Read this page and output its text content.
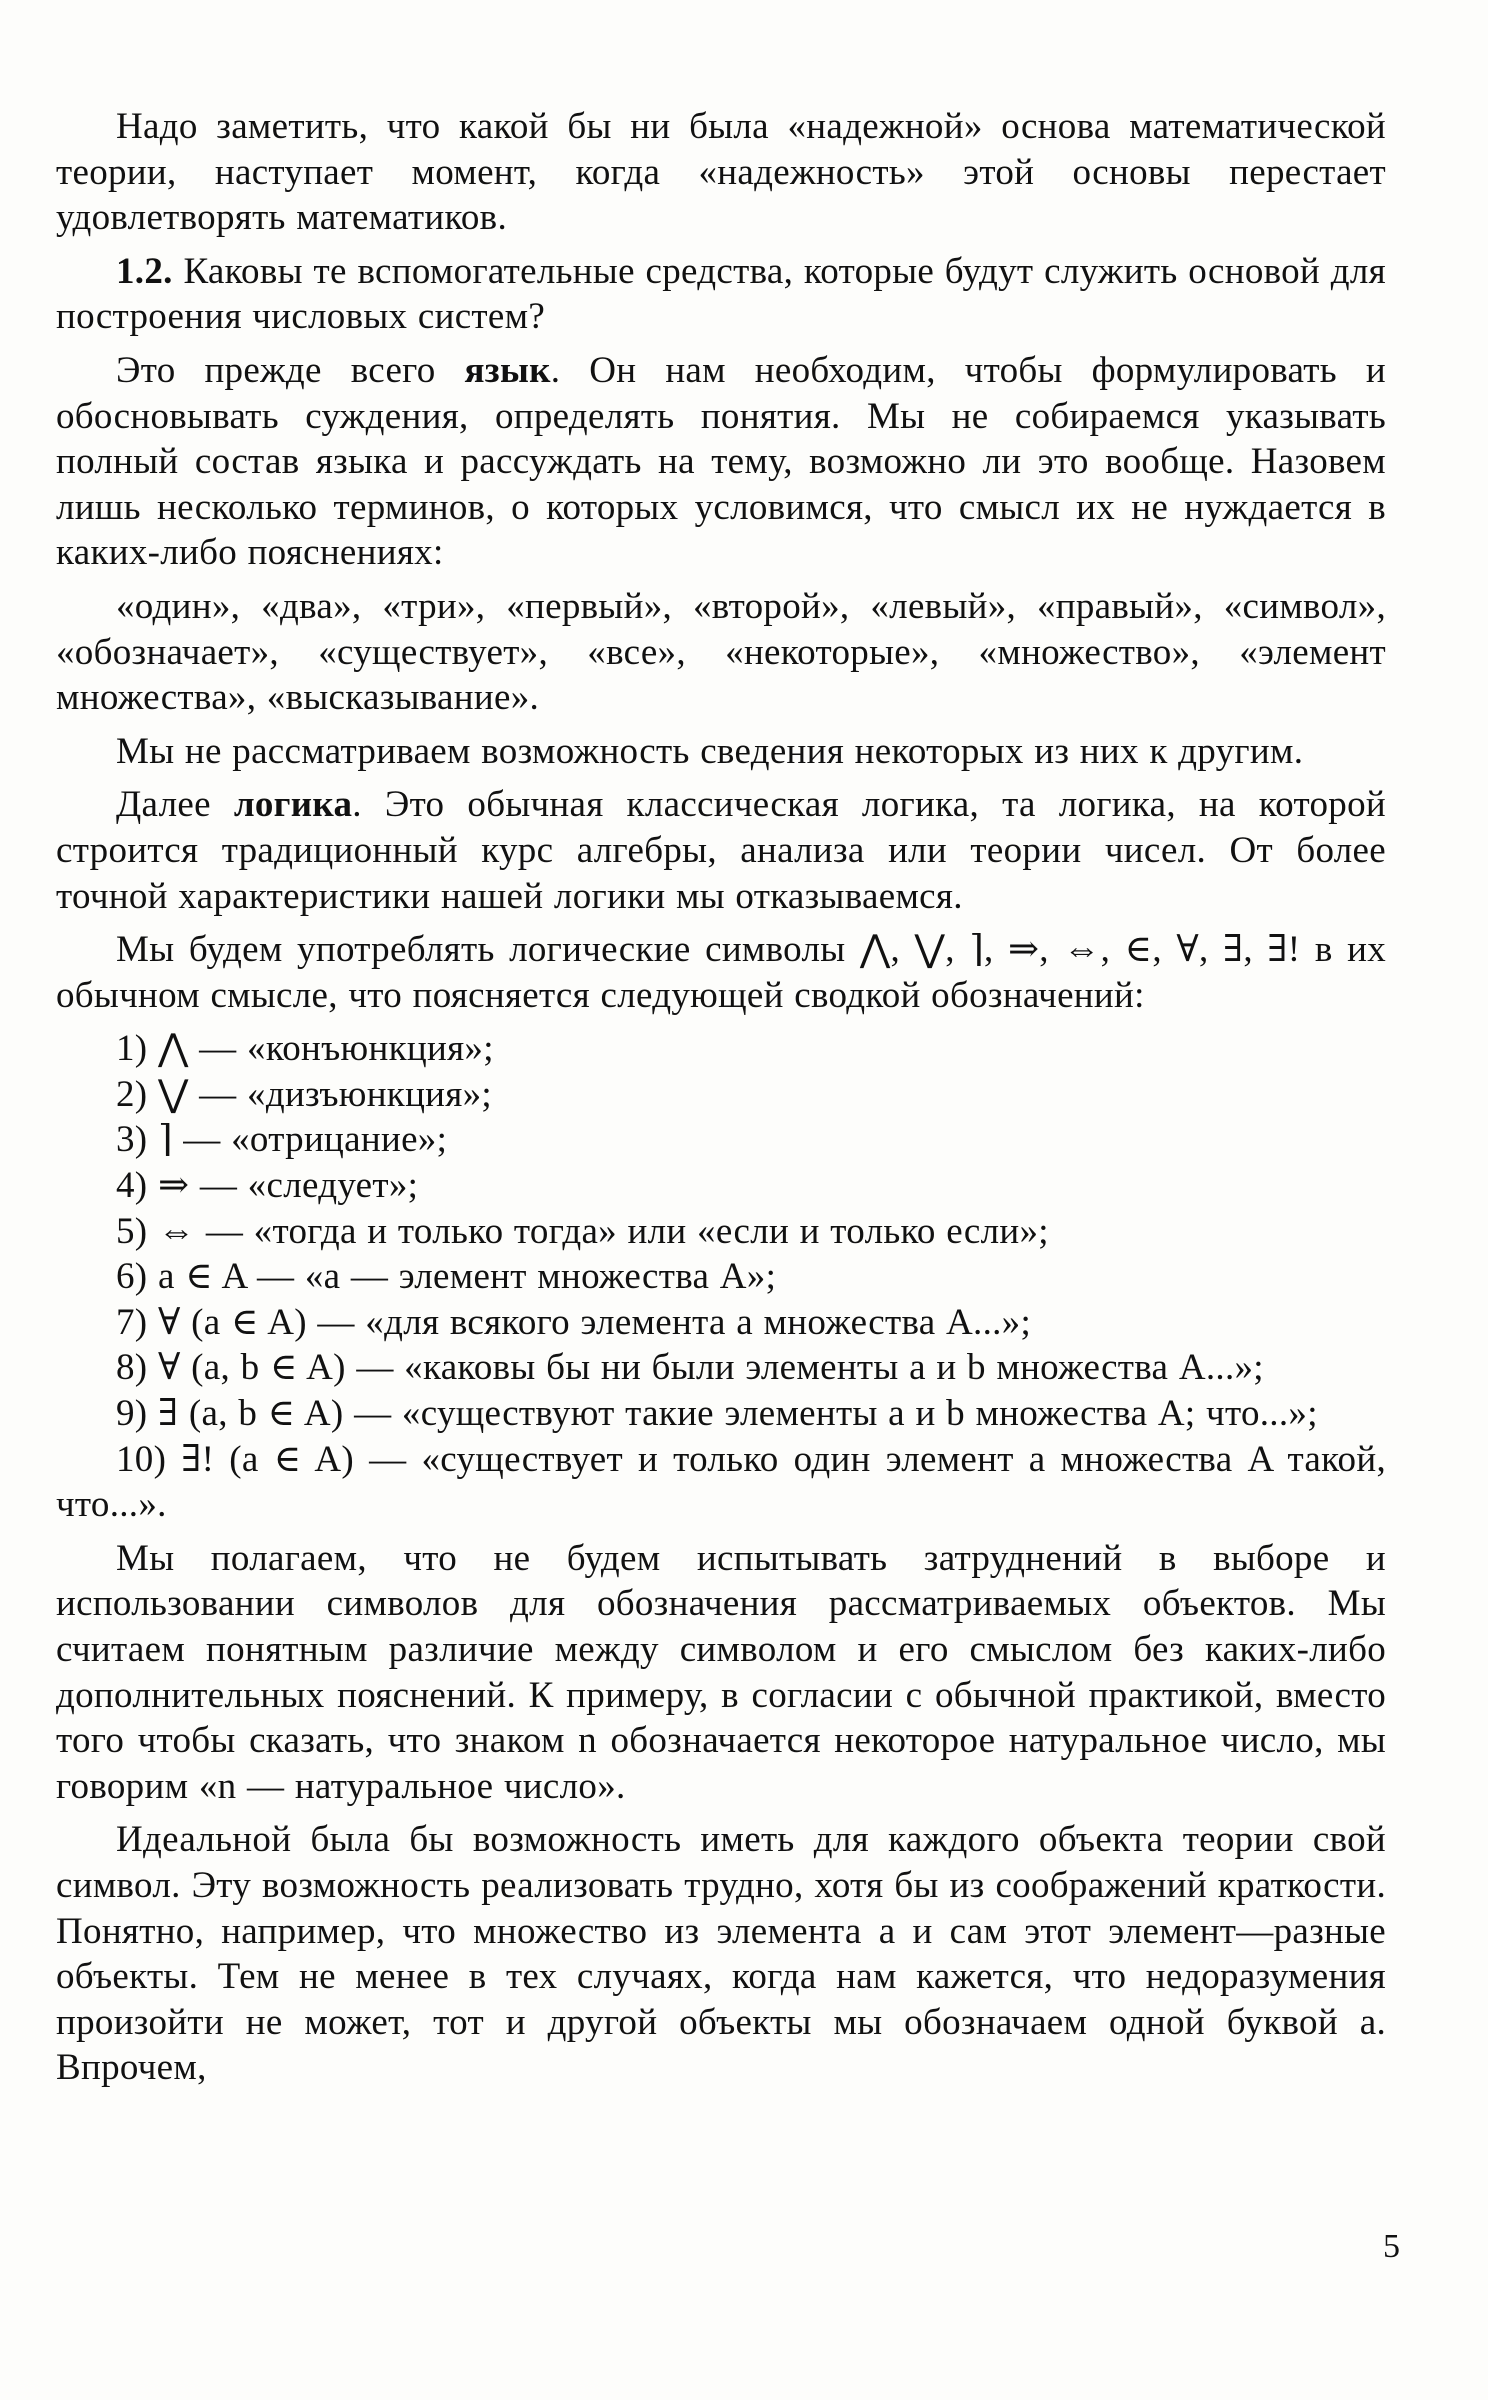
Надо заметить, что какой бы ни была «надежной» основа математической теории, наступает момент, когда «надежность» этой основы перестает удовлетворять математиков.

1.2. Каковы те вспомогательные средства, которые будут служить основой для построения числовых систем?

Это прежде всего язык. Он нам необходим, чтобы формулировать и обосновывать суждения, определять понятия. Мы не собираемся указывать полный состав языка и рассуждать на тему, возможно ли это вообще. Назовем лишь несколько терминов, о которых условимся, что смысл их не нуждается в каких-либо пояснениях:

«один», «два», «три», «первый», «второй», «левый», «правый», «символ», «обозначает», «существует», «все», «некоторые», «множество», «элемент множества», «высказывание».

Мы не рассматриваем возможность сведения некоторых из них к другим.

Далее логика. Это обычная классическая логика, та логика, на которой строится традиционный курс алгебры, анализа или теории чисел. От более точной характеристики нашей логики мы отказываемся.

Мы будем употреблять логические символы ⋀, ⋁, ⌉, ⇒, ⇔, ∈, ∀, ∃, ∃! в их обычном смысле, что поясняется следующей сводкой обозначений:

1) ⋀ — «конъюнкция»;
2) ⋁ — «дизъюнкция»;
3) ⌉ — «отрицание»;
4) ⇒ — «следует»;
5) ⇔ — «тогда и только тогда» или «если и только если»;
6) a ∈ A — «a — элемент множества A»;
7) ∀ (a ∈ A) — «для всякого элемента a множества A...»;
8) ∀ (a, b ∈ A) — «каковы бы ни были элементы a и b множества A...»;
9) ∃ (a, b ∈ A) — «существуют такие элементы a и b множества A; что...»;
10) ∃! (a ∈ A) — «существует и только один элемент a множества A такой, что...».

Мы полагаем, что не будем испытывать затруднений в выборе и использовании символов для обозначения рассматриваемых объектов. Мы считаем понятным различие между символом и его смыслом без каких-либо дополнительных пояснений. К примеру, в согласии с обычной практикой, вместо того чтобы сказать, что знаком n обозначается некоторое натуральное число, мы говорим «n — натуральное число».

Идеальной была бы возможность иметь для каждого объекта теории свой символ. Эту возможность реализовать трудно, хотя бы из соображений краткости. Понятно, например, что множество из элемента a и сам этот элемент—разные объекты. Тем не менее в тех случаях, когда нам кажется, что недоразумения произойти не может, тот и другой объекты мы обозначаем одной буквой a. Впрочем,

5
